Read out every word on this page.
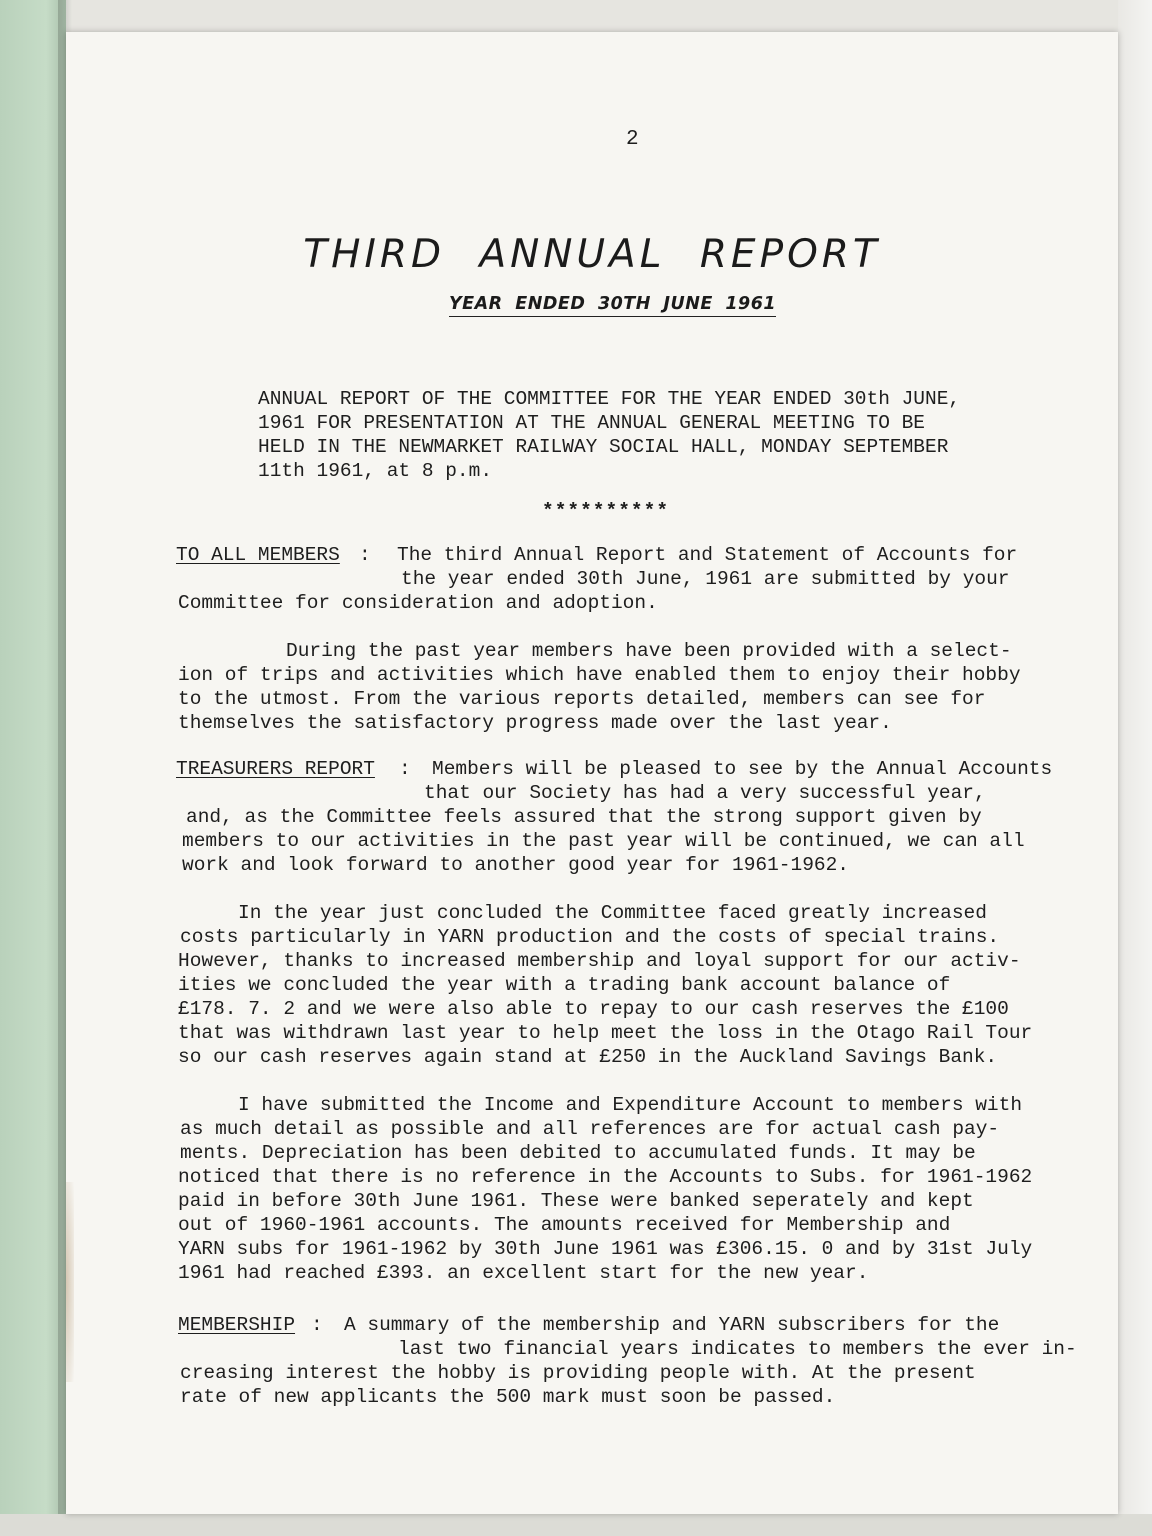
2
THIRD ANNUAL REPORT
YEAR ENDED 30TH JUNE 1961
ANNUAL REPORT OF THE COMMITTEE FOR THE YEAR ENDED 30th JUNE,
1961 FOR PRESENTATION AT THE ANNUAL GENERAL MEETING TO BE
HELD IN THE NEWMARKET RAILWAY SOCIAL HALL, MONDAY SEPTEMBER
11th 1961, at 8 p.m.
**********
TO ALL MEMBERS : The third Annual Report and Statement of Accounts for
the year ended 30th June, 1961 are submitted by your
Committee for consideration and adoption.
During the past year members have been provided with a select-
ion of trips and activities which have enabled them to enjoy their hobby
to the utmost. From the various reports detailed, members can see for
themselves the satisfactory progress made over the last year.
TREASURERS REPORT : Members will be pleased to see by the Annual Accounts
that our Society has had a very successful year,
and, as the Committee feels assured that the strong support given by
members to our activities in the past year will be continued, we can all
work and look forward to another good year for 1961-1962.
In the year just concluded the Committee faced greatly increased
costs particularly in YARN production and the costs of special trains.
However, thanks to increased membership and loyal support for our activ-
ities we concluded the year with a trading bank account balance of
£178. 7. 2 and we were also able to repay to our cash reserves the £100
that was withdrawn last year to help meet the loss in the Otago Rail Tour
so our cash reserves again stand at £250 in the Auckland Savings Bank.
I have submitted the Income and Expenditure Account to members with
as much detail as possible and all references are for actual cash pay-
ments. Depreciation has been debited to accumulated funds. It may be
noticed that there is no reference in the Accounts to Subs. for 1961-1962
paid in before 30th June 1961. These were banked seperately and kept
out of 1960-1961 accounts. The amounts received for Membership and
YARN subs for 1961-1962 by 30th June 1961 was £306.15. 0 and by 31st July
1961 had reached £393. an excellent start for the new year.
MEMBERSHIP : A summary of the membership and YARN subscribers for the
last two financial years indicates to members the ever in-
creasing interest the hobby is providing people with. At the present
rate of new applicants the 500 mark must soon be passed.
